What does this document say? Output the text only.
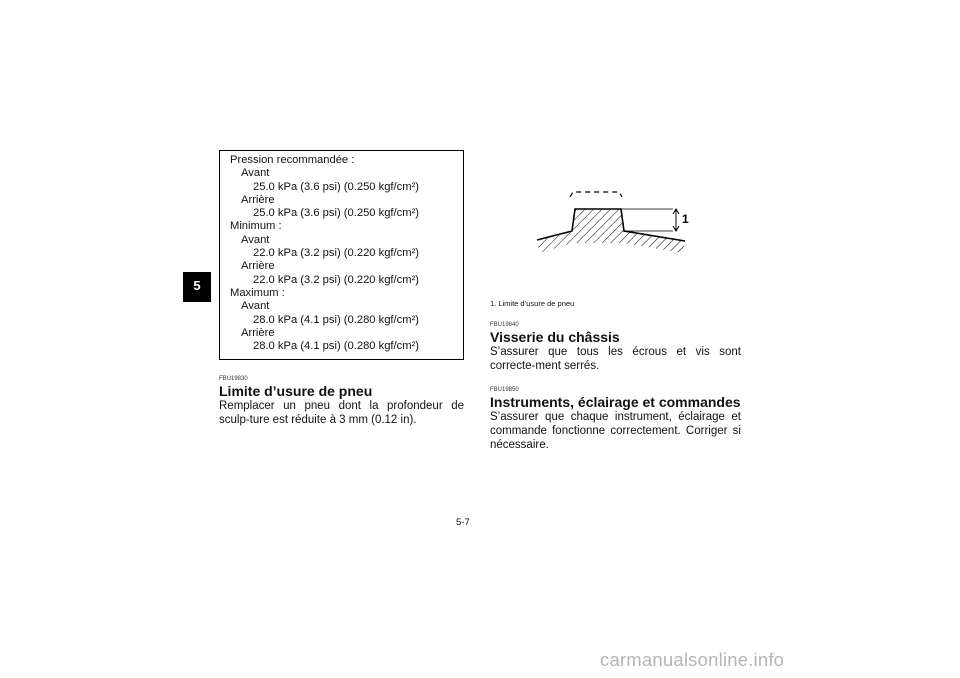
5
Pression recommandée :
Avant
25.0 kPa (3.6 psi) (0.250 kgf/cm²)
Arrière
25.0 kPa (3.6 psi) (0.250 kgf/cm²)
Minimum :
Avant
22.0 kPa (3.2 psi) (0.220 kgf/cm²)
Arrière
22.0 kPa (3.2 psi) (0.220 kgf/cm²)
Maximum :
Avant
28.0 kPa (4.1 psi) (0.280 kgf/cm²)
Arrière
28.0 kPa (4.1 psi) (0.280 kgf/cm²)
FBU19830
Limite d’usure de pneu
Remplacer un pneu dont la profondeur de sculp-ture est réduite à 3 mm (0.12 in).
1
1. Limite d’usure de pneu
FBU19840
Visserie du châssis
S’assurer que tous les écrous et vis sont correcte-ment serrés.
FBU19850
Instruments, éclairage et commandes
S’assurer que chaque instrument, éclairage et commande fonctionne correctement. Corriger si nécessaire.
5-7
carmanualsonline.info
